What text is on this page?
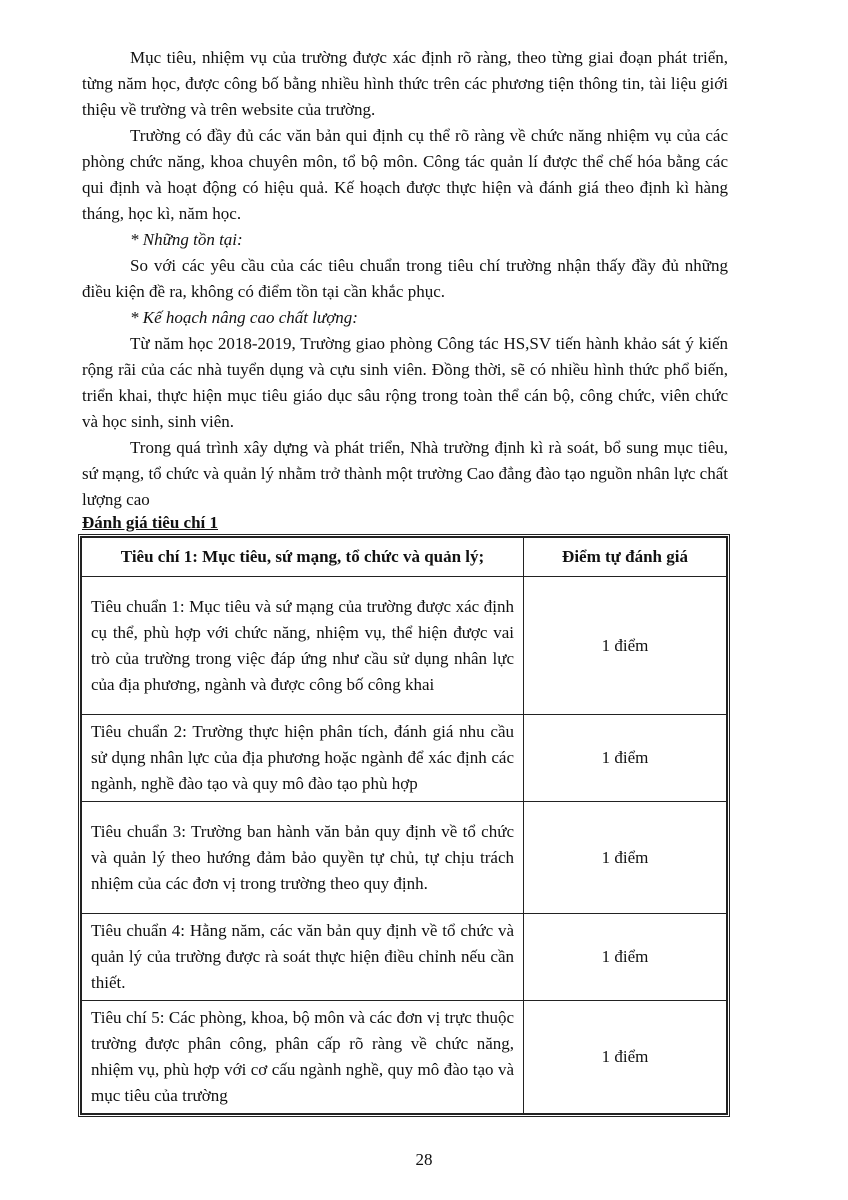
Mục tiêu, nhiệm vụ của trường được xác định rõ ràng, theo từng giai đoạn phát triển, từng năm học, được công bố bằng nhiều hình thức trên các phương tiện thông tin, tài liệu giới thiệu về trường và trên website của trường.

Trường có đầy đủ các văn bản qui định cụ thể rõ ràng về chức năng nhiệm vụ của các phòng chức năng, khoa chuyên môn, tổ bộ môn. Công tác quản lí được thể chế hóa bằng các qui định và hoạt động có hiệu quả. Kế hoạch được thực hiện và đánh giá theo định kì hàng tháng, học kì, năm học.

* Những tồn tại:

So với các yêu cầu của các tiêu chuẩn trong tiêu chí trường nhận thấy đầy đủ những điều kiện đề ra, không có điểm tồn tại cần khắc phục.

* Kế hoạch nâng cao chất lượng:

Từ năm học 2018-2019, Trường giao phòng Công tác HS,SV tiến hành khảo sát ý kiến rộng rãi của các nhà tuyển dụng và cựu sinh viên. Đồng thời, sẽ có nhiều hình thức phổ biến, triển khai, thực hiện mục tiêu giáo dục sâu rộng trong toàn thể cán bộ, công chức, viên chức và học sinh, sinh viên.

Trong quá trình xây dựng và phát triển, Nhà trường định kì rà soát, bổ sung mục tiêu, sứ mạng, tổ chức và quản lý nhằm trở thành một trường Cao đẳng đào tạo nguồn nhân lực chất lượng cao

Đánh giá tiêu chí 1
Tiêu chí 1: Mục tiêu, sứ mạng, tổ chức và quản lý;	Điểm tự đánh giá
Tiêu chuẩn 1: Mục tiêu và sứ mạng của trường được xác định cụ thể, phù hợp với chức năng, nhiệm vụ, thể hiện được vai trò của trường trong việc đáp ứng như cầu sử dụng nhân lực của địa phương, ngành và được công bố công khai	1 điểm
Tiêu chuẩn 2: Trường thực hiện phân tích, đánh giá nhu cầu sử dụng nhân lực của địa phương hoặc ngành để xác định các ngành, nghề đào tạo và quy mô đào tạo phù hợp	1 điểm
Tiêu chuẩn 3: Trường ban hành văn bản quy định về tổ chức và quản lý theo hướng đảm bảo quyền tự chủ, tự chịu trách nhiệm của các đơn vị trong trường theo quy định.	1 điểm
Tiêu chuẩn 4: Hằng năm, các văn bản quy định về tổ chức và quản lý của trường được rà soát thực hiện điều chỉnh nếu cần thiết.	1 điểm
Tiêu chí 5: Các phòng, khoa, bộ môn và các đơn vị trực thuộc trường được phân công, phân cấp rõ ràng về chức năng, nhiệm vụ, phù hợp với cơ cấu ngành nghề, quy mô đào tạo và mục tiêu của trường	1 điểm
28
